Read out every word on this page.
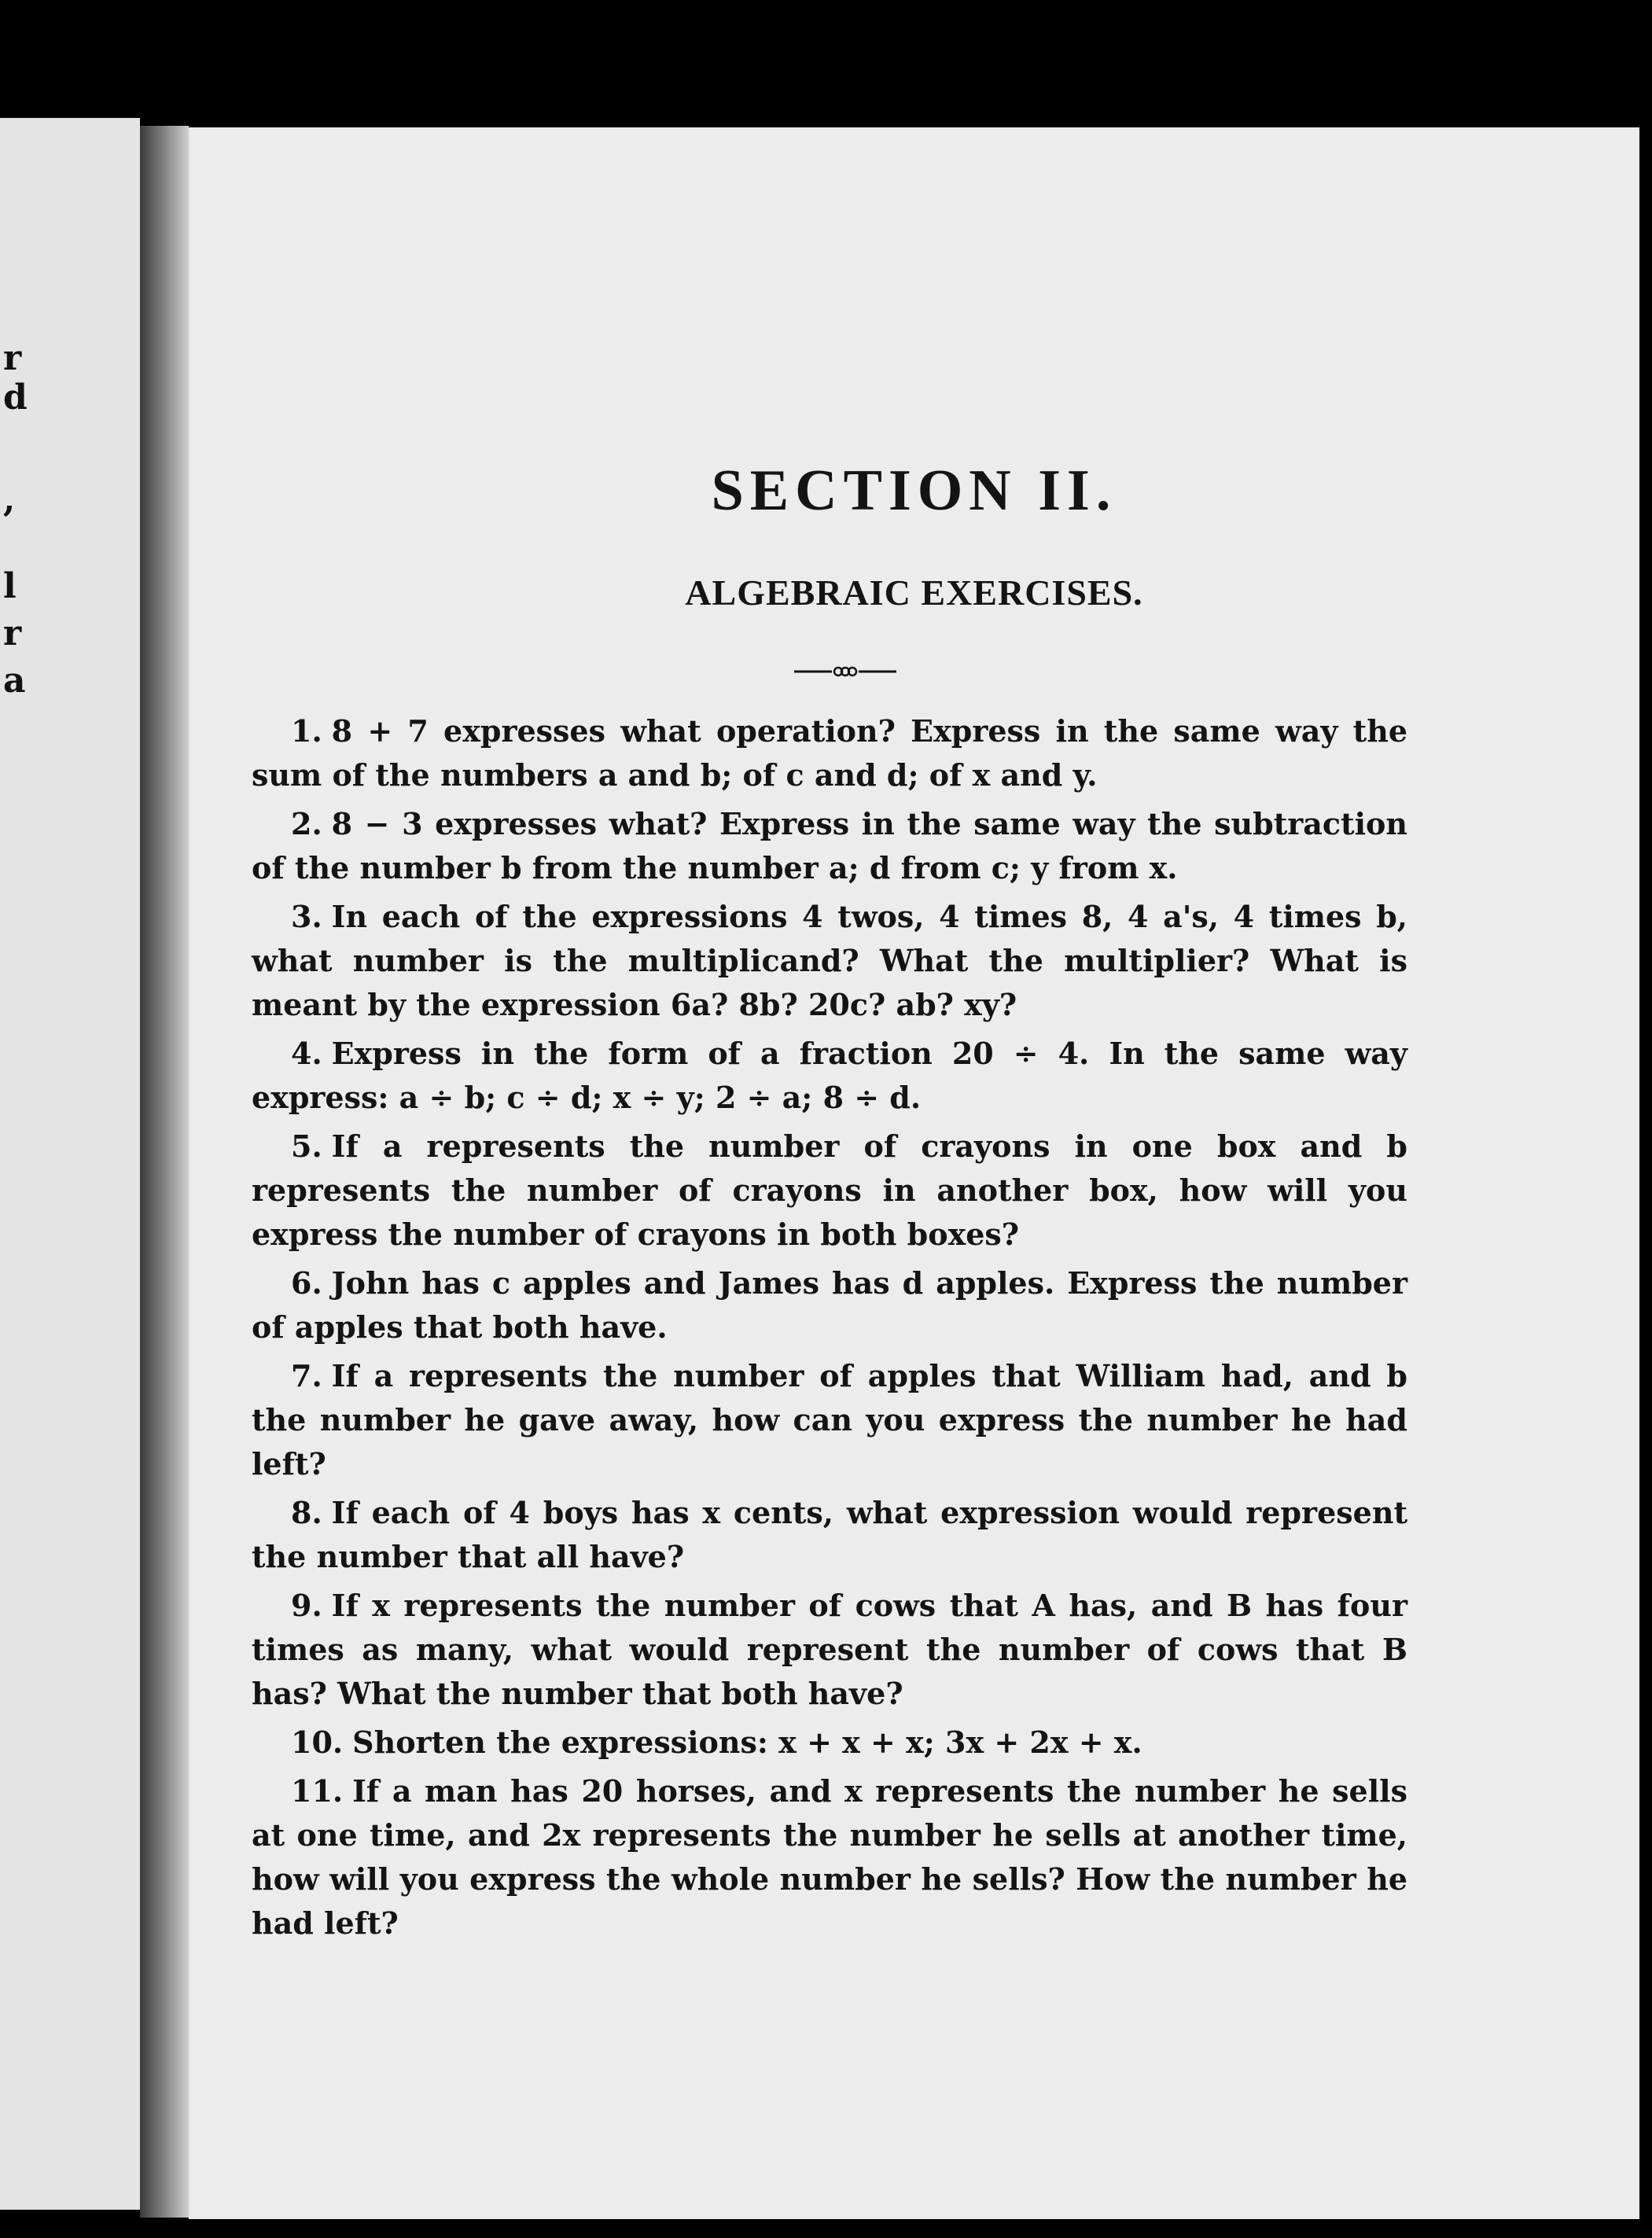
r
d
,
l
r
a
SECTION II.
ALGEBRAIC EXERCISES.
1. 8 + 7 expresses what operation? Express in the same way the sum of the numbers a and b; of c and d; of x and y.
2. 8 − 3 expresses what? Express in the same way the subtraction of the number b from the number a; d from c; y from x.
3. In each of the expressions 4 twos, 4 times 8, 4 a's, 4 times b, what number is the multiplicand? What the multiplier? What is meant by the expression 6a? 8b? 20c? ab? xy?
4. Express in the form of a fraction 20 ÷ 4. In the same way express: a ÷ b; c ÷ d; x ÷ y; 2 ÷ a; 8 ÷ d.
5. If a represents the number of crayons in one box and b represents the number of crayons in another box, how will you express the number of crayons in both boxes?
6. John has c apples and James has d apples. Express the number of apples that both have.
7. If a represents the number of apples that William had, and b the number he gave away, how can you express the number he had left?
8. If each of 4 boys has x cents, what expression would represent the number that all have?
9. If x represents the number of cows that A has, and B has four times as many, what would represent the number of cows that B has? What the number that both have?
10. Shorten the expressions: x + x + x; 3x + 2x + x.
11. If a man has 20 horses, and x represents the number he sells at one time, and 2x represents the number he sells at another time, how will you express the whole number he sells? How the number he had left?
